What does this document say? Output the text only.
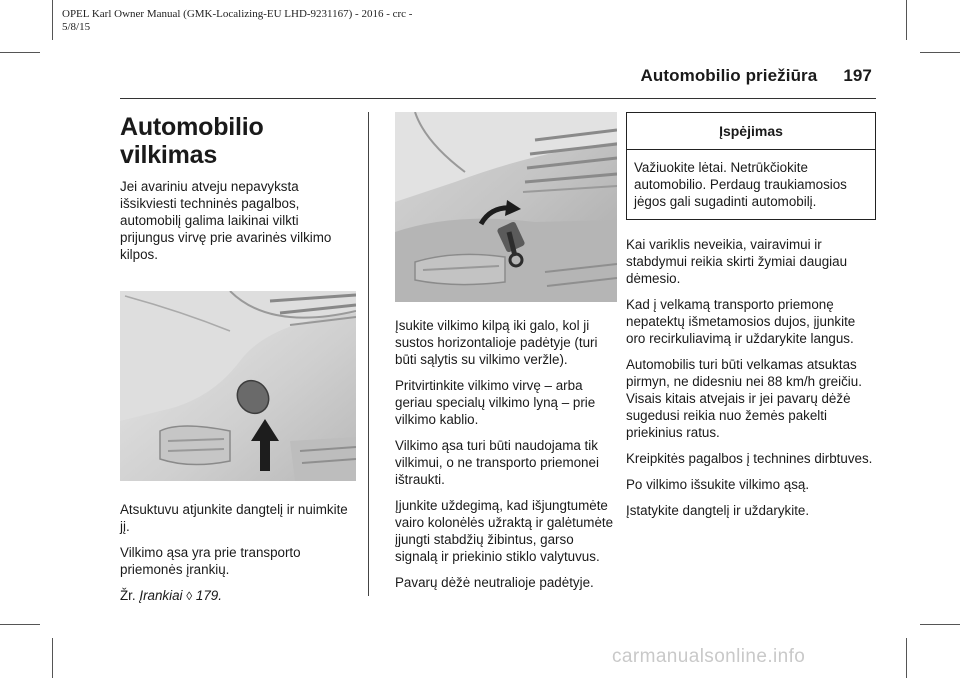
OPEL Karl Owner Manual (GMK-Localizing-EU LHD-9231167) - 2016 - crc -
5/8/15
Automobilio priežiūra 197
Automobilio vilkimas

Jei avariniu atveju nepavyksta išsikviesti techninės pagalbos, automobilį galima laikinai vilkti prijungus virvę prie avarinės vilkimo kilpos.

Atsuktuvu atjunkite dangtelį ir nuimkite jį.

Vilkimo ąsa yra prie transporto priemonės įrankių.

Žr. Įrankiai ◊ 179.

Įsukite vilkimo kilpą iki galo, kol ji sustos horizontalioje padėtyje (turi būti sąlytis su vilkimo veržle).

Pritvirtinkite vilkimo virvę – arba geriau specialų vilkimo lyną – prie vilkimo kablio.

Vilkimo ąsa turi būti naudojama tik vilkimui, o ne transporto priemonei ištraukti.

Įjunkite uždegimą, kad išjungtumėte vairo kolonėlės užraktą ir galėtumėte įjungti stabdžių žibintus, garso signalą ir priekinio stiklo valytuvus.

Pavarų dėžė neutralioje padėtyje.

Įspėjimas
Važiuokite lėtai. Netrūkčiokite automobilio. Perdaug traukiamosios jėgos gali sugadinti automobilį.

Kai variklis neveikia, vairavimui ir stabdymui reikia skirti žymiai daugiau dėmesio.

Kad į velkamą transporto priemonę nepatektų išmetamosios dujos, įjunkite oro recirkuliavimą ir uždarykite langus.

Automobilis turi būti velkamas atsuktas pirmyn, ne didesniu nei 88 km/h greičiu. Visais kitais atvejais ir jei pavarų dėžė sugedusi reikia nuo žemės pakelti priekinius ratus.

Kreipkitės pagalbos į technines dirbtuves.

Po vilkimo išsukite vilkimo ąsą.

Įstatykite dangtelį ir uždarykite.

carmanualsonline.info
